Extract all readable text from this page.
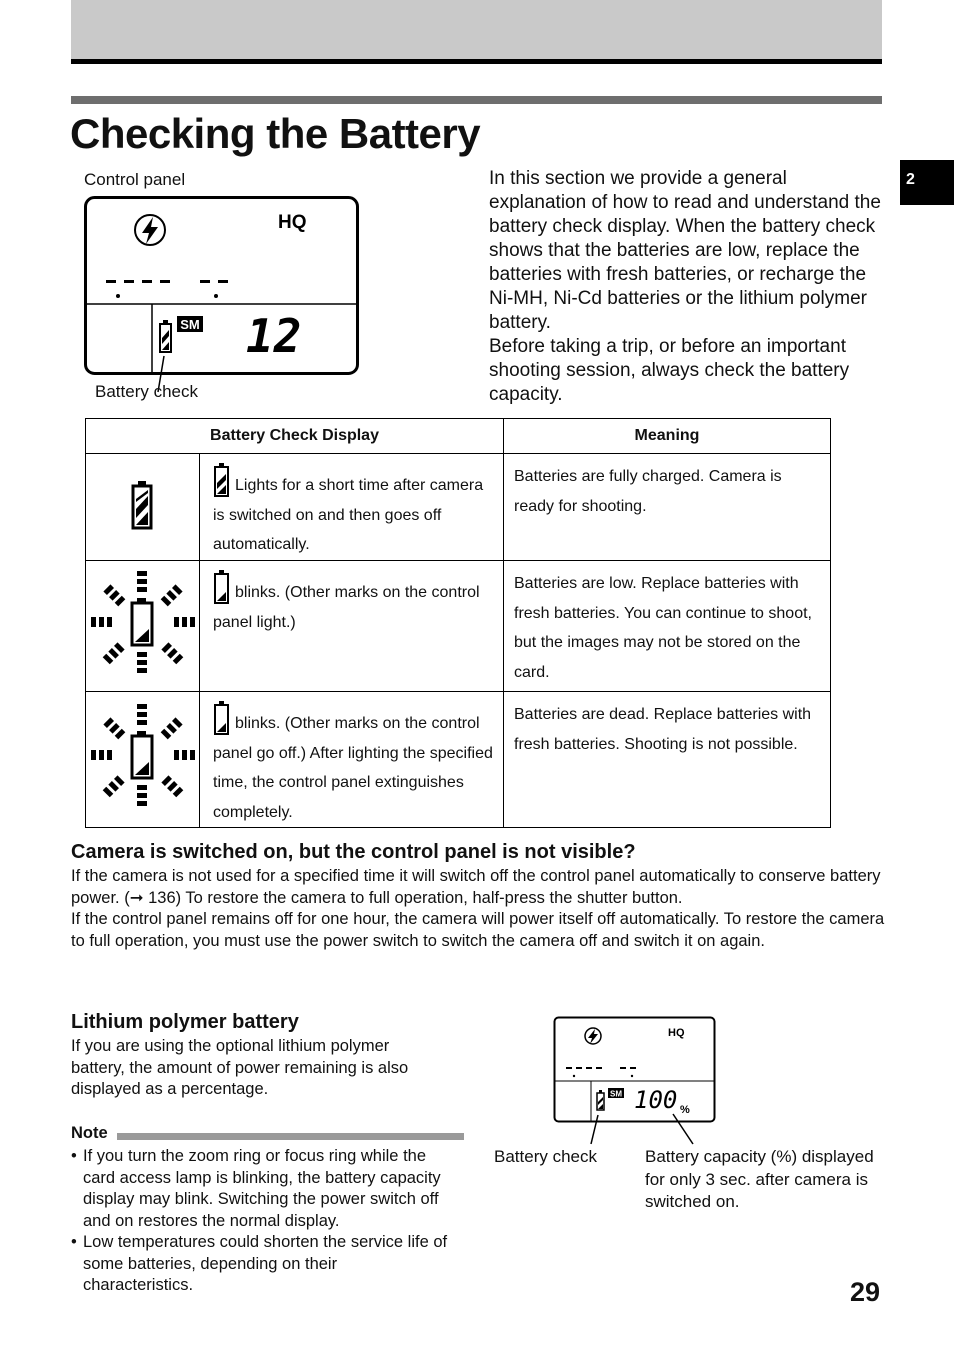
Checking the Battery
2
Control panel
HQ
SM 12
Battery check

In this section we provide a general explanation of how to read and understand the battery check display. When the battery check shows that the batteries are low, replace the batteries with fresh batteries, or recharge the Ni-MH, Ni-Cd batteries or the lithium polymer battery.

Before taking a trip, or before an important shooting session, always check the battery capacity.

Battery Check Display		Meaning
	Lights for a short time after camera is switched on and then goes off automatically.	Batteries are fully charged. Camera is ready for shooting.
	blinks. (Other marks on the control panel light.)	Batteries are low. Replace batteries with fresh batteries. You can continue to shoot, but the images may not be stored on the card.
	blinks. (Other marks on the control panel go off.) After lighting the specified time, the control panel extinguishes completely.	Batteries are dead. Replace batteries with fresh batteries. Shooting is not possible.
Camera is switched on, but the control panel is not visible?

If the camera is not used for a specified time it will switch off the control panel automatically to conserve battery power. (➞ 136) To restore the camera to full operation, half-press the shutter button.

If the control panel remains off for one hour, the camera will power itself off automatically. To restore the camera to full operation, you must use the power switch to switch the camera off and switch it on again.

Lithium polymer battery
If you are using the optional lithium polymer battery, the amount of power remaining is also displayed as a percentage.
HQ
SM 100 %
Battery check	Battery capacity (%) displayed for only 3 sec. after camera is switched on.
Note
• If you turn the zoom ring or focus ring while the card access lamp is blinking, the battery capacity display may blink. Switching the power switch off and on restores the normal display.
• Low temperatures could shorten the service life of some batteries, depending on their characteristics.	29
